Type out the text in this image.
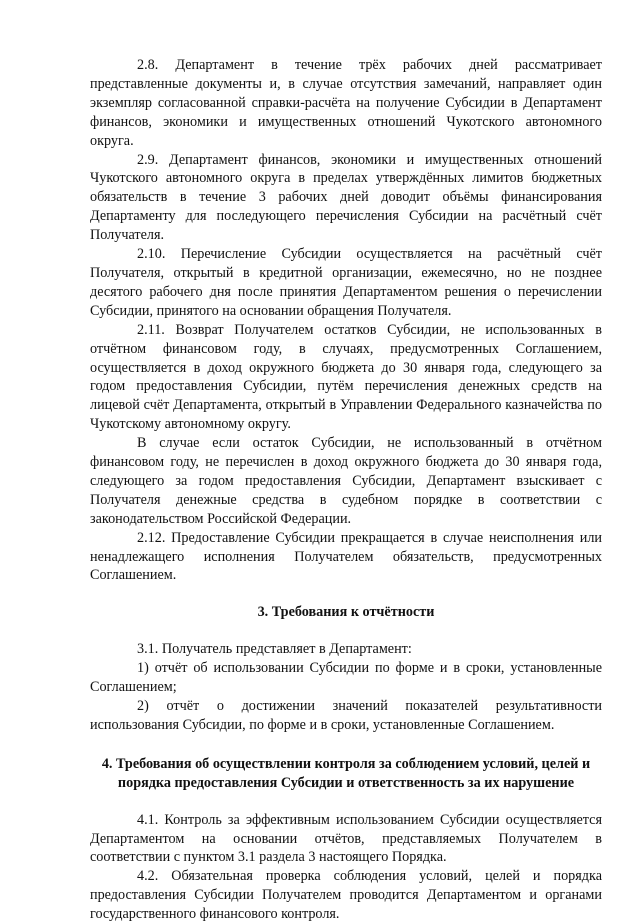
2.8. Департамент в течение трёх рабочих дней рассматривает представленные документы и, в случае отсутствия замечаний, направляет один экземпляр согласованной справки-расчёта на получение Субсидии в Департамент финансов, экономики и имущественных отношений Чукотского автономного округа.

2.9. Департамент финансов, экономики и имущественных отношений Чукотского автономного округа в пределах утверждённых лимитов бюджетных обязательств в течение 3 рабочих дней доводит объёмы финансирования Департаменту для последующего перечисления Субсидии на расчётный счёт Получателя.

2.10. Перечисление Субсидии осуществляется на расчётный счёт Получателя, открытый в кредитной организации, ежемесячно, но не позднее десятого рабочего дня после принятия Департаментом решения о перечислении Субсидии, принятого на основании обращения Получателя.

2.11. Возврат Получателем остатков Субсидии, не использованных в отчётном финансовом году, в случаях, предусмотренных Соглашением, осуществляется в доход окружного бюджета до 30 января года, следующего за годом предоставления Субсидии, путём перечисления денежных средств на лицевой счёт Департамента, открытый в Управлении Федерального казначейства по Чукотскому автономному округу.

В случае если остаток Субсидии, не использованный в отчётном финансовом году, не перечислен в доход окружного бюджета до 30 января года, следующего за годом предоставления Субсидии, Департамент взыскивает с Получателя денежные средства в судебном порядке в соответствии с законодательством Российской Федерации.

2.12. Предоставление Субсидии прекращается в случае неисполнения или ненадлежащего исполнения Получателем обязательств, предусмотренных Соглашением.

3. Требования к отчётности

3.1. Получатель представляет в Департамент:

1) отчёт об использовании Субсидии по форме и в сроки, установленные Соглашением;

2) отчёт о достижении значений показателей результативности использования Субсидии, по форме и в сроки, установленные Соглашением.

4. Требования об осуществлении контроля за соблюдением условий, целей и порядка предоставления Субсидии и ответственность за их нарушение

4.1. Контроль за эффективным использованием Субсидии осуществляется Департаментом на основании отчётов, представляемых Получателем в соответствии с пунктом 3.1 раздела 3 настоящего Порядка.

4.2. Обязательная проверка соблюдения условий, целей и порядка предоставления Субсидии Получателем проводится Департаментом и органами государственного финансового контроля.
